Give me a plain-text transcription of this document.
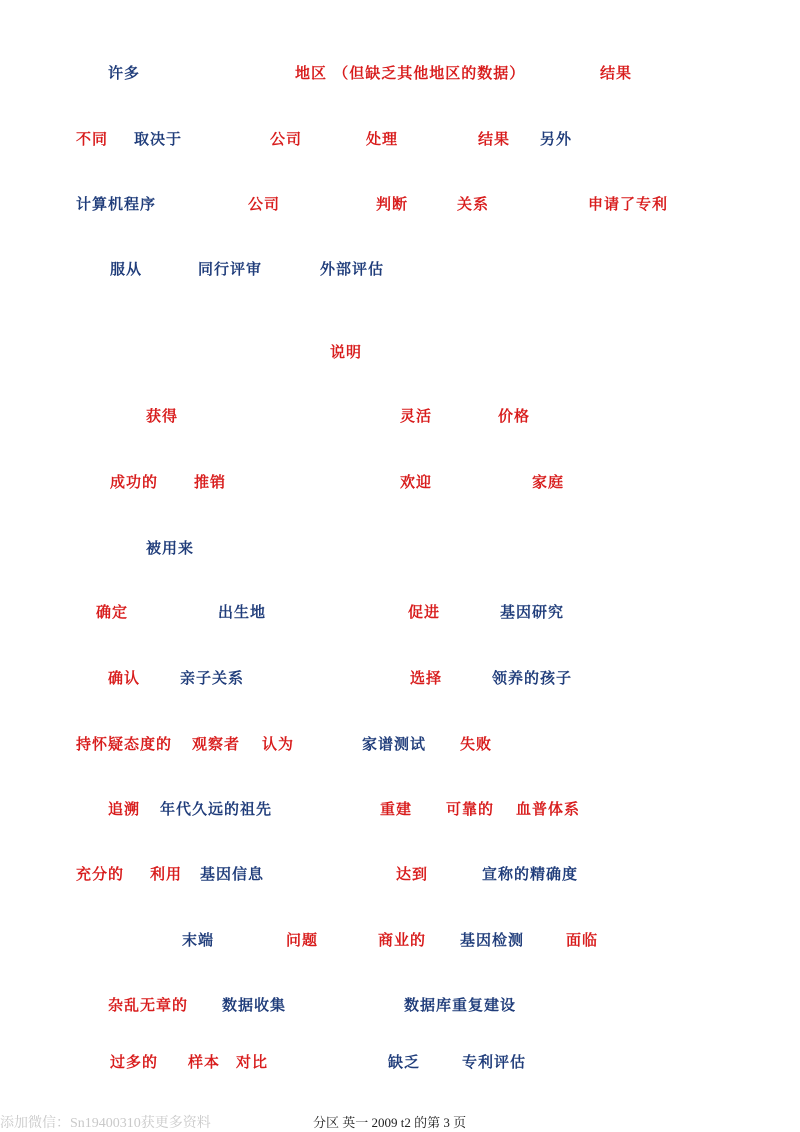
许多	地区 （但缺乏其他地区的数据）	结果
不同 取决于	公司	处理	结果 另外
计算机程序	公司	判断	关系	申请了专利
服从	同行评审	外部评估
说明
获得	灵活	价格
成功的 推销	欢迎	家庭
被用来
确定	出生地	促进	基因研究
确认	亲子关系	选择	领养的孩子
持怀疑态度的 观察者 认为	家谱测试 失败
追溯 年代久远的祖先	重建 可靠的 血普体系
充分的 利用 基因信息	达到	宣称的精确度
末端	问题	商业的 基因检测	面临
杂乱无章的 数据收集	数据库重复建设
过多的 样本 对比	缺乏	专利评估
添加微信：Sn19400310获更多资料	分区 英一 2009 t2 的第 3 页
